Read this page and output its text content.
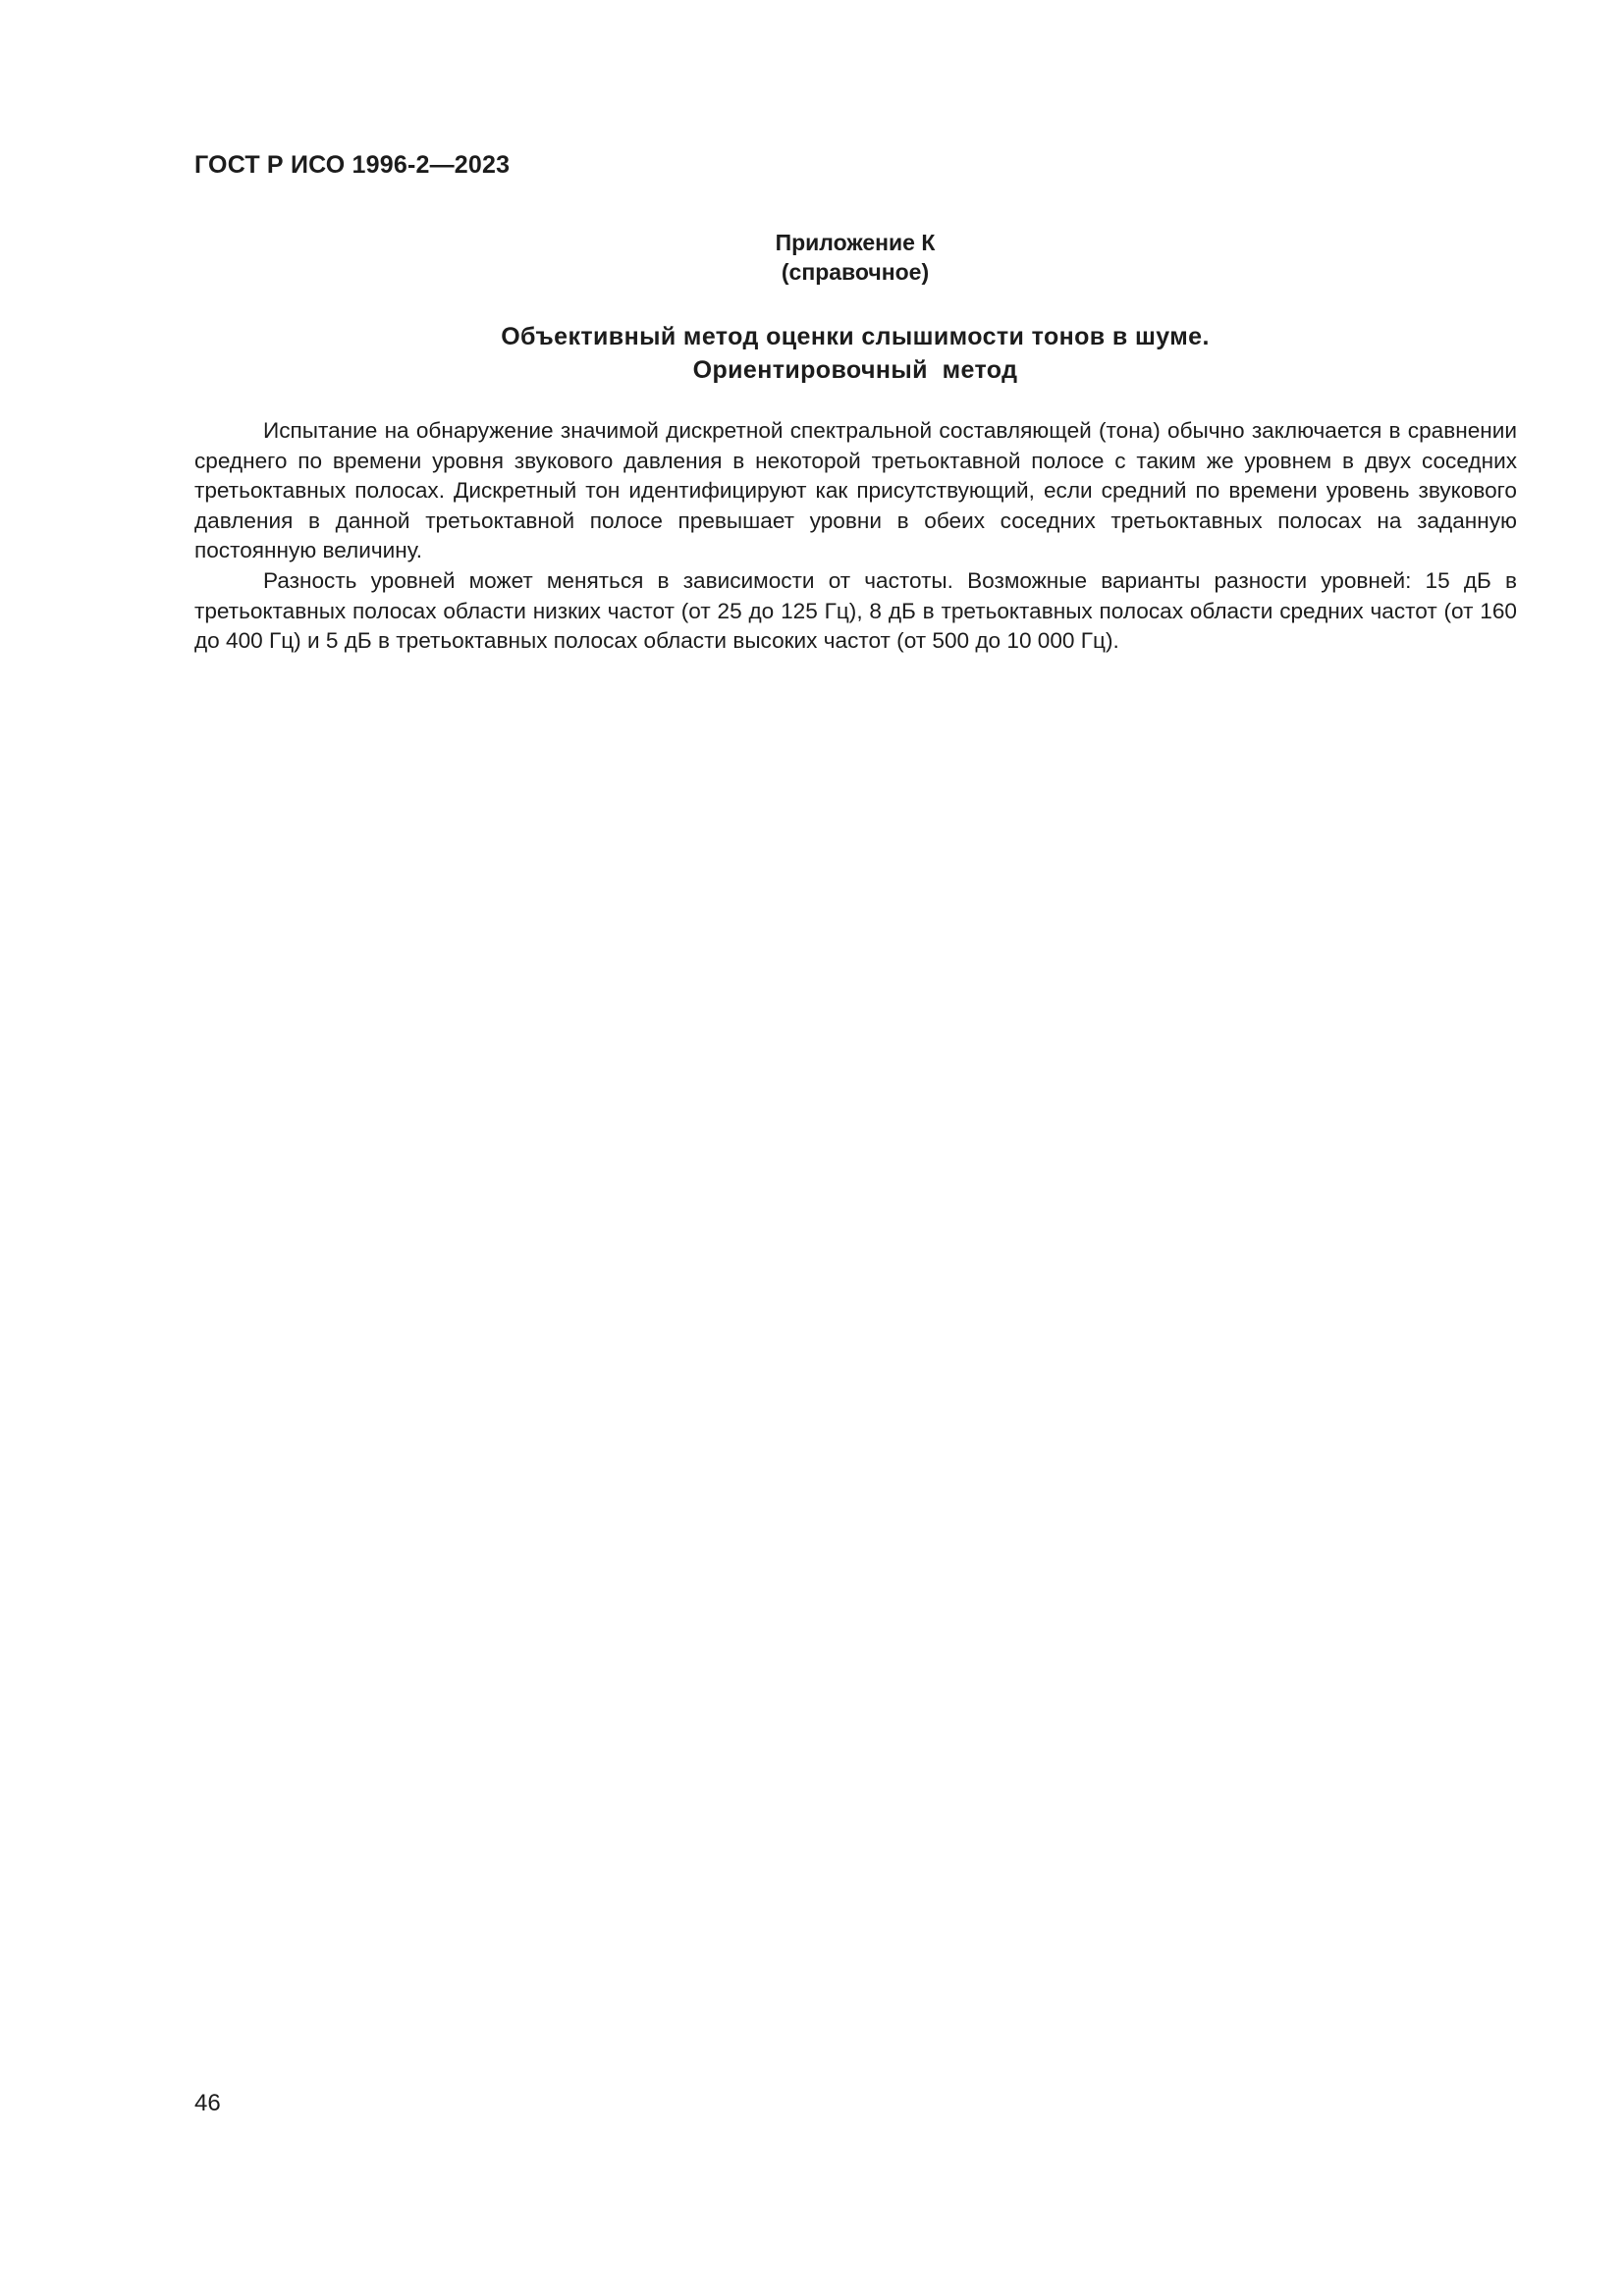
ГОСТ Р ИСО 1996-2—2023
Приложение К
(справочное)
Объективный метод оценки слышимости тонов в шуме.
Ориентировочный  метод

Испытание на обнаружение значимой дискретной спектральной составляющей (тона) обычно заключается в сравнении среднего по времени уровня звукового давления в некоторой третьоктавной полосе с таким же уровнем в двух соседних третьоктавных полосах. Дискретный тон идентифицируют как присутствующий, если средний по времени уровень звукового давления в данной третьоктавной полосе превышает уровни в обеих соседних третьоктавных полосах на заданную постоянную величину.

Разность уровней может меняться в зависимости от частоты. Возможные варианты разности уровней: 15 дБ в третьоктавных полосах области низких частот (от 25 до 125 Гц), 8 дБ в третьоктавных полосах области средних частот (от 160 до 400 Гц) и 5 дБ в третьоктавных полосах области высоких частот (от 500 до 10 000 Гц).

46
